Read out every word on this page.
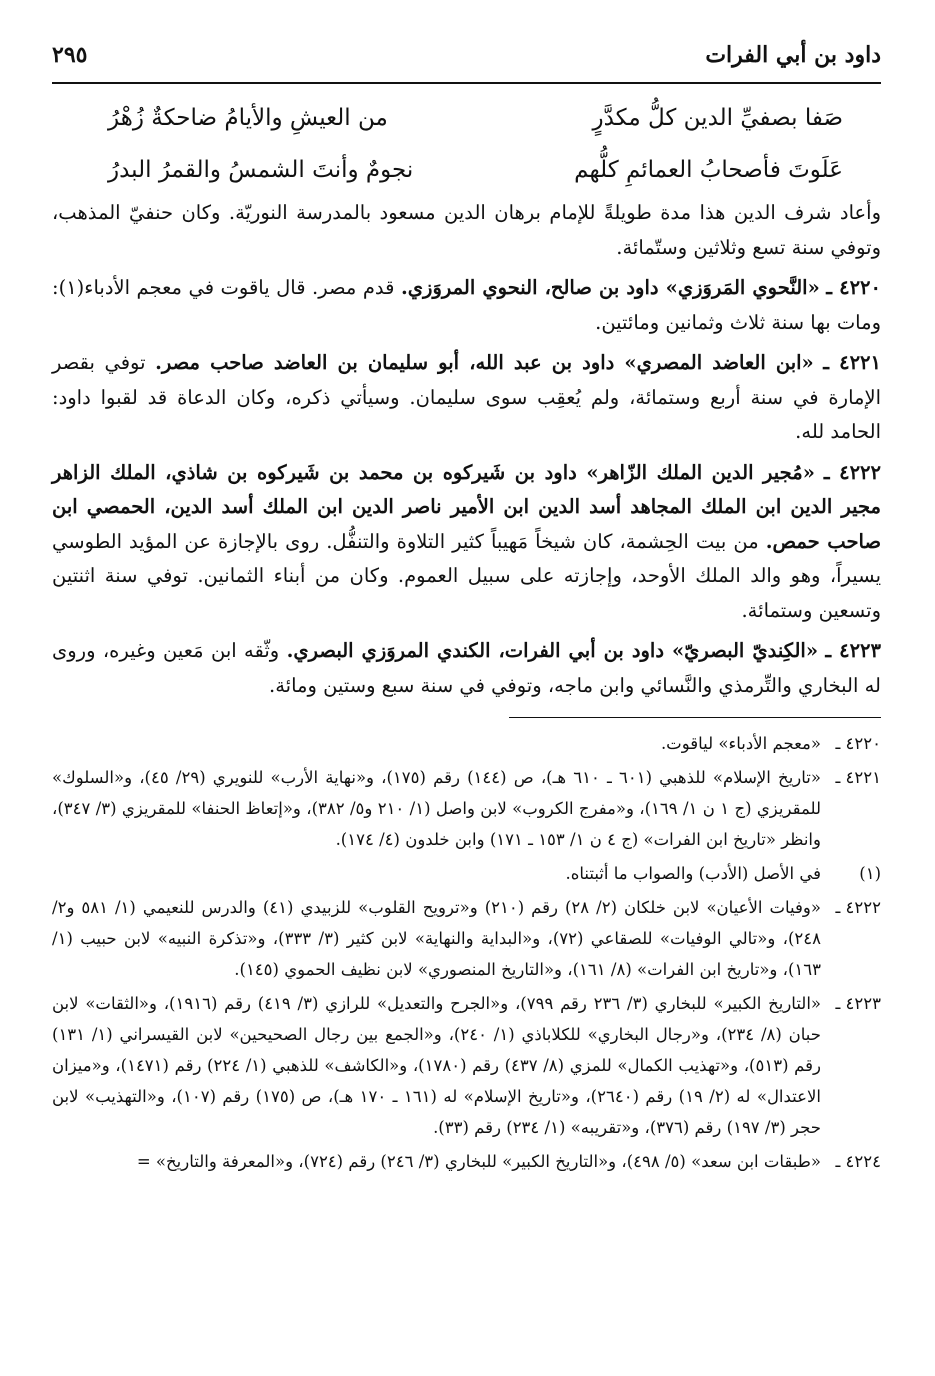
داود بن أبي الفرات
٢٩٥
صَفا بصفيِّ الدين كلُّ مكدَّرٍ
من العيشِ والأيامُ ضاحكةٌ زُهْرُ
عَلَوتَ فأصحابُ العمائمِ كلُّهم
نجومٌ وأنتَ الشمسُ والقمرُ البدرُ

وأعاد شرف الدين هذا مدة طويلةً للإمام برهان الدين مسعود بالمدرسة النوريّة. وكان حنفيّ المذهب، وتوفي سنة تسع وثلاثين وستّمائة.

٤٢٢٠ ـ «النَّحوي المَروَزي» داود بن صالح، النحوي المروَزي. قدم مصر. قال ياقوت في معجم الأدباء(١): ومات بها سنة ثلاث وثمانين ومائتين.

٤٢٢١ ـ «ابن العاضد المصري» داود بن عبد الله، أبو سليمان بن العاضد صاحب مصر. توفي بقصر الإمارة في سنة أربع وستمائة، ولم يُعقِب سوى سليمان. وسيأتي ذكره، وكان الدعاة قد لقبوا داود: الحامد لله.

٤٢٢٢ ـ «مُجير الدين الملك الزّاهر» داود بن شَيركوه بن محمد بن شَيركوه بن شاذي، الملك الزاهر مجير الدين ابن الملك المجاهد أسد الدين ابن الأمير ناصر الدين ابن الملك أسد الدين، الحمصي ابن صاحب حمص. من بيت الحِشمة، كان شيخاً مَهيباً كثير التلاوة والتنفُّل. روى بالإجازة عن المؤيد الطوسي يسيراً، وهو والد الملك الأوحد، وإجازته على سبيل العموم. وكان من أبناء الثمانين. توفي سنة اثنتين وتسعين وستمائة.

٤٢٢٣ ـ «الكِنديّ البصريّ» داود بن أبي الفرات، الكندي المروَزي البصري. وثّقه ابن مَعين وغيره، وروى له البخاري والتِّرمذي والنَّسائي وابن ماجه، وتوفي في سنة سبع وستين ومائة.

٤٢٢٠ ـ
«معجم الأدباء» لياقوت.
٤٢٢١ ـ
«تاريخ الإسلام» للذهبي (٦٠١ ـ ٦١٠ هـ)، ص (١٤٤) رقم (١٧٥)، و«نهاية الأرب» للنويري (٢٩/ ٤٥)، و«السلوك» للمقريزي (ج ١ ن ١/ ١٦٩)، و«مفرج الكروب» لابن واصل (١/ ٢١٠ و٥/ ٣٨٢)، و«إتعاظ الحنفا» للمقريزي (٣/ ٣٤٧)، وانظر «تاريخ ابن الفرات» (ج ٤ ن ١/ ١٥٣ ـ ١٧١) وابن خلدون (٤/ ١٧٤).
(١)
في الأصل (الأدب) والصواب ما أثبتناه.
٤٢٢٢ ـ
«وفيات الأعيان» لابن خلكان (٢/ ٢٨) رقم (٢١٠) و«ترويح القلوب» للزبيدي (٤١) والدرس للنعيمي (١/ ٥٨١ و٢/ ٢٤٨)، و«تالي الوفيات» للصقاعي (٧٢)، و«البداية والنهاية» لابن كثير (٣/ ٣٣٣)، و«تذكرة النبيه» لابن حبيب (١/ ١٦٣)، و«تاريخ ابن الفرات» (٨/ ١٦١)، و«التاريخ المنصوري» لابن نظيف الحموي (١٤٥).
٤٢٢٣ ـ
«التاريخ الكبير» للبخاري (٣/ ٢٣٦ رقم ٧٩٩)، و«الجرح والتعديل» للرازي (٣/ ٤١٩) رقم (١٩١٦)، و«الثقات» لابن حبان (٨/ ٢٣٤)، و«رجال البخاري» للكلاباذي (١/ ٢٤٠)، و«الجمع بين رجال الصحيحين» لابن القيسراني (١/ ١٣١) رقم (٥١٣)، و«تهذيب الكمال» للمزي (٨/ ٤٣٧) رقم (١٧٨٠)، و«الكاشف» للذهبي (١/ ٢٢٤) رقم (١٤٧١)، و«ميزان الاعتدال» له (٢/ ١٩) رقم (٢٦٤٠)، و«تاريخ الإسلام» له (١٦١ ـ ١٧٠ هـ)، ص (١٧٥) رقم (١٠٧)، و«التهذيب» لابن حجر (٣/ ١٩٧) رقم (٣٧٦)، و«تقريبه» (١/ ٢٣٤) رقم (٣٣).
٤٢٢٤ ـ
«طبقات ابن سعد» (٥/ ٤٩٨)، و«التاريخ الكبير» للبخاري (٣/ ٢٤٦) رقم (٧٢٤)، و«المعرفة والتاريخ» =
